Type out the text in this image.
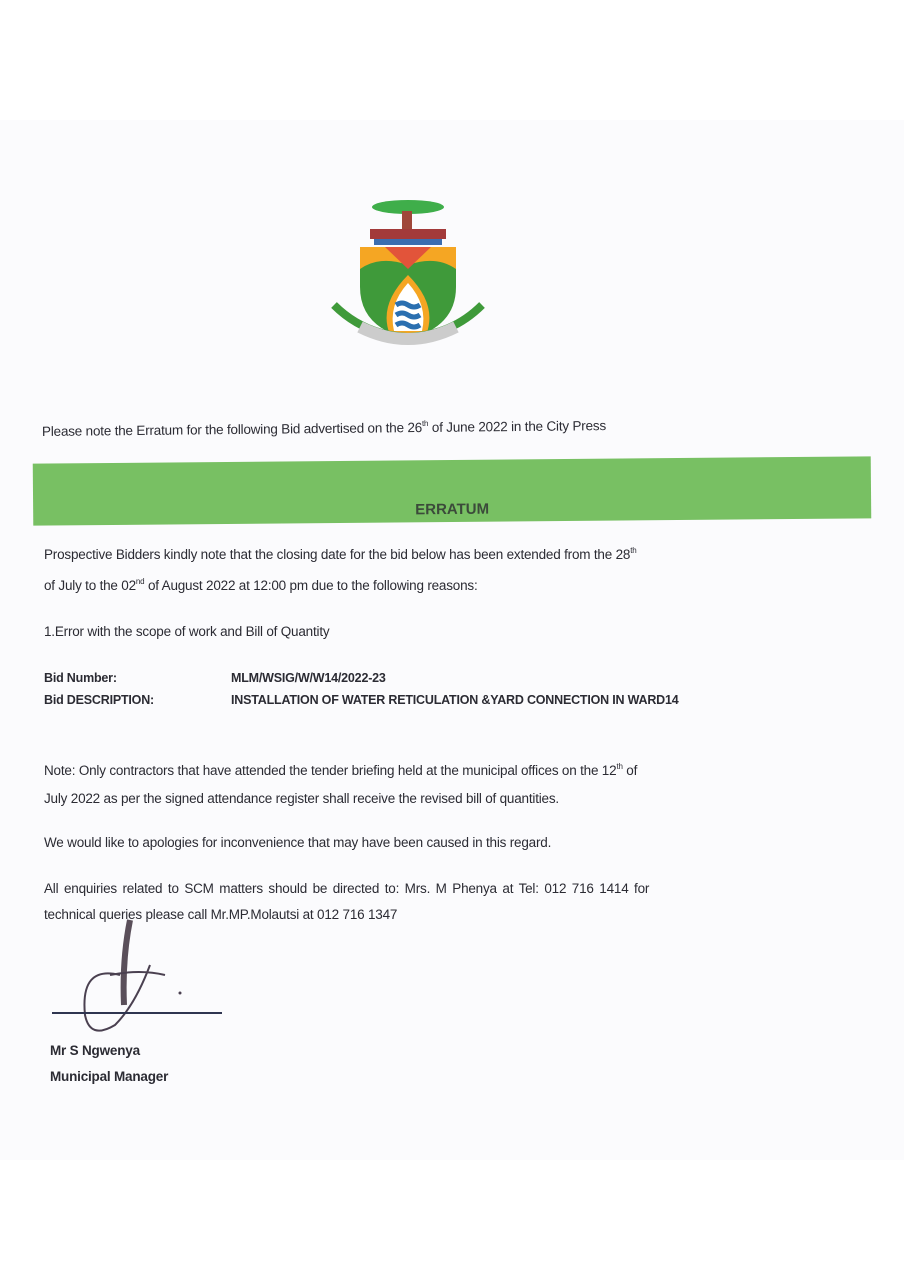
Please note the Erratum for the following Bid advertised on the 26th of June 2022 in the City Press
ERRATUM
Prospective Bidders kindly note that the closing date for the bid below has been extended from the 28th
of July to the 02nd of August 2022 at 12:00 pm due to the following reasons:
1.Error with the scope of work and Bill of Quantity
Bid Number:	MLM/WSIG/W/W14/2022-23
Bid DESCRIPTION:	INSTALLATION OF WATER RETICULATION &YARD CONNECTION IN WARD14
Note: Only contractors that have attended the tender briefing held at the municipal offices on the 12th of
July 2022 as per the signed attendance register shall receive the revised bill of quantities.
We would like to apologies for inconvenience that may have been caused in this regard.
All enquiries related to SCM matters should be directed to: Mrs. M Phenya at Tel: 012 716 1414 for
technical queries please call Mr.MP.Molautsi at 012 716 1347
Mr S Ngwenya
Municipal Manager
